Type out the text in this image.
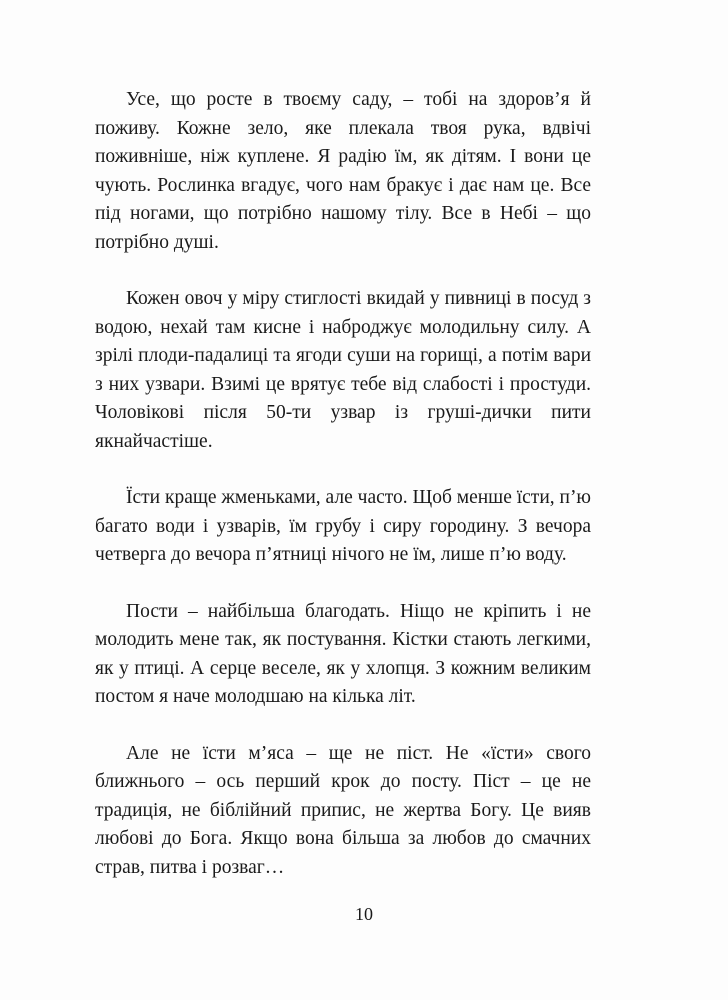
Усе, що росте в твоєму саду, – тобі на здоров’я й поживу. Кожне зело, яке плекала твоя рука, вдвічі поживніше, ніж куплене. Я радію їм, як дітям. І вони це чують. Рослинка вгадує, чого нам бракує і дає нам це. Все під ногами, що потрібно нашому тілу. Все в Небі – що потрібно душі.

Кожен овоч у міру стиглості вкидай у пивниці в посуд з водою, нехай там кисне і наброджує молодильну силу. А зрілі плоди-падалиці та ягоди суши на горищі, а потім вари з них узвари. Взимі це врятує тебе від слабості і простуди. Чоловікові після 50-ти узвар із груші-дички пити якнайчастіше.

Їсти краще жменьками, але часто. Щоб менше їсти, п’ю багато води і узварів, їм грубу і сиру городину. З вечора четверга до вечора п’ятниці нічого не їм, лише п’ю воду.

Пости – найбільша благодать. Ніщо не кріпить і не молодить мене так, як постування. Кістки стають легкими, як у птиці. А серце веселе, як у хлопця. З кожним великим постом я наче молодшаю на кілька літ.

Але не їсти м’яса – ще не піст. Не «їсти» свого ближнього – ось перший крок до посту. Піст – це не традиція, не біблійний припис, не жертва Богу. Це вияв любові до Бога. Якщо вона більша за любов до смачних страв, питва і розваг…

10
